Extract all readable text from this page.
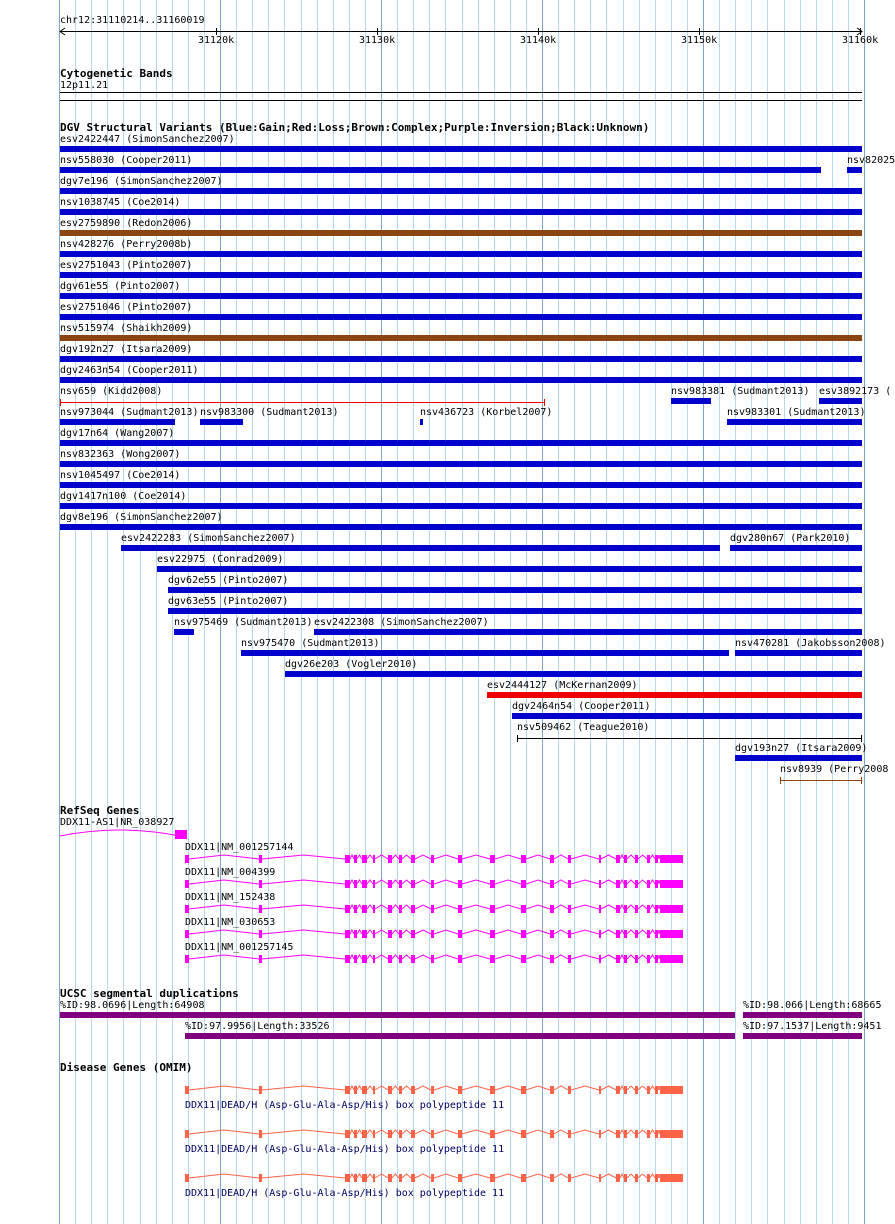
chr12:31110214..31160019
31120k	31130k	31140k	31150k	31160k
Cytogenetic Bands
12p11.21
DGV Structural Variants (Blue:Gain;Red:Loss;Brown:Complex;Purple:Inversion;Black:Unknown)
esv2422447 (SimonSanchez2007)
nsv558030 (Cooper2011)	nsv82025
dgv7e196 (SimonSanchez2007)
nsv1038745 (Coe2014)
esv2759890 (Redon2006)
nsv428276 (Perry2008b)
esv2751043 (Pinto2007)
dgv61e55 (Pinto2007)
esv2751046 (Pinto2007)
nsv515974 (Shaikh2009)
dgv192n27 (Itsara2009)
dgv2463n54 (Cooper2011)
nsv659 (Kidd2008)	nsv983381 (Sudmant2013) esv3892173 (
nsv973044 (Sudmant2013) nsv983300 (Sudmant2013)	nsv436723 (Korbel2007)	nsv983301 (Sudmant2013)
dgv17n64 (Wang2007)
nsv832363 (Wong2007)
nsv1045497 (Coe2014)
dgv1417n100 (Coe2014)
dgv8e196 (SimonSanchez2007)
esv2422283 (SimonSanchez2007)	dgv280n67 (Park2010)
esv22975 (Conrad2009)
dgv62e55 (Pinto2007)
dgv63e55 (Pinto2007)
nsv975469 (Sudmant2013) esv2422308 (SimonSanchez2007)
nsv975470 (Sudmant2013)	nsv470281 (Jakobsson2008)
dgv26e203 (Vogler2010)
esv2444127 (McKernan2009)
dgv2464n54 (Cooper2011)
nsv509462 (Teague2010)
dgv193n27 (Itsara2009)
nsv8939 (Perry2008
RefSeq Genes
DDX11-AS1|NR_038927
DDX11|NM_001257144
DDX11|NM_004399
DDX11|NM_152438
DDX11|NM_030653
DDX11|NM_001257145
UCSC segmental duplications
%ID:98.0696|Length:64908	%ID:98.066|Length:68665
%ID:97.9956|Length:33526	%ID:97.1537|Length:9451
Disease Genes (OMIM)
DDX11|DEAD/H (Asp-Glu-Ala-Asp/His) box polypeptide 11
DDX11|DEAD/H (Asp-Glu-Ala-Asp/His) box polypeptide 11
DDX11|DEAD/H (Asp-Glu-Ala-Asp/His) box polypeptide 11
